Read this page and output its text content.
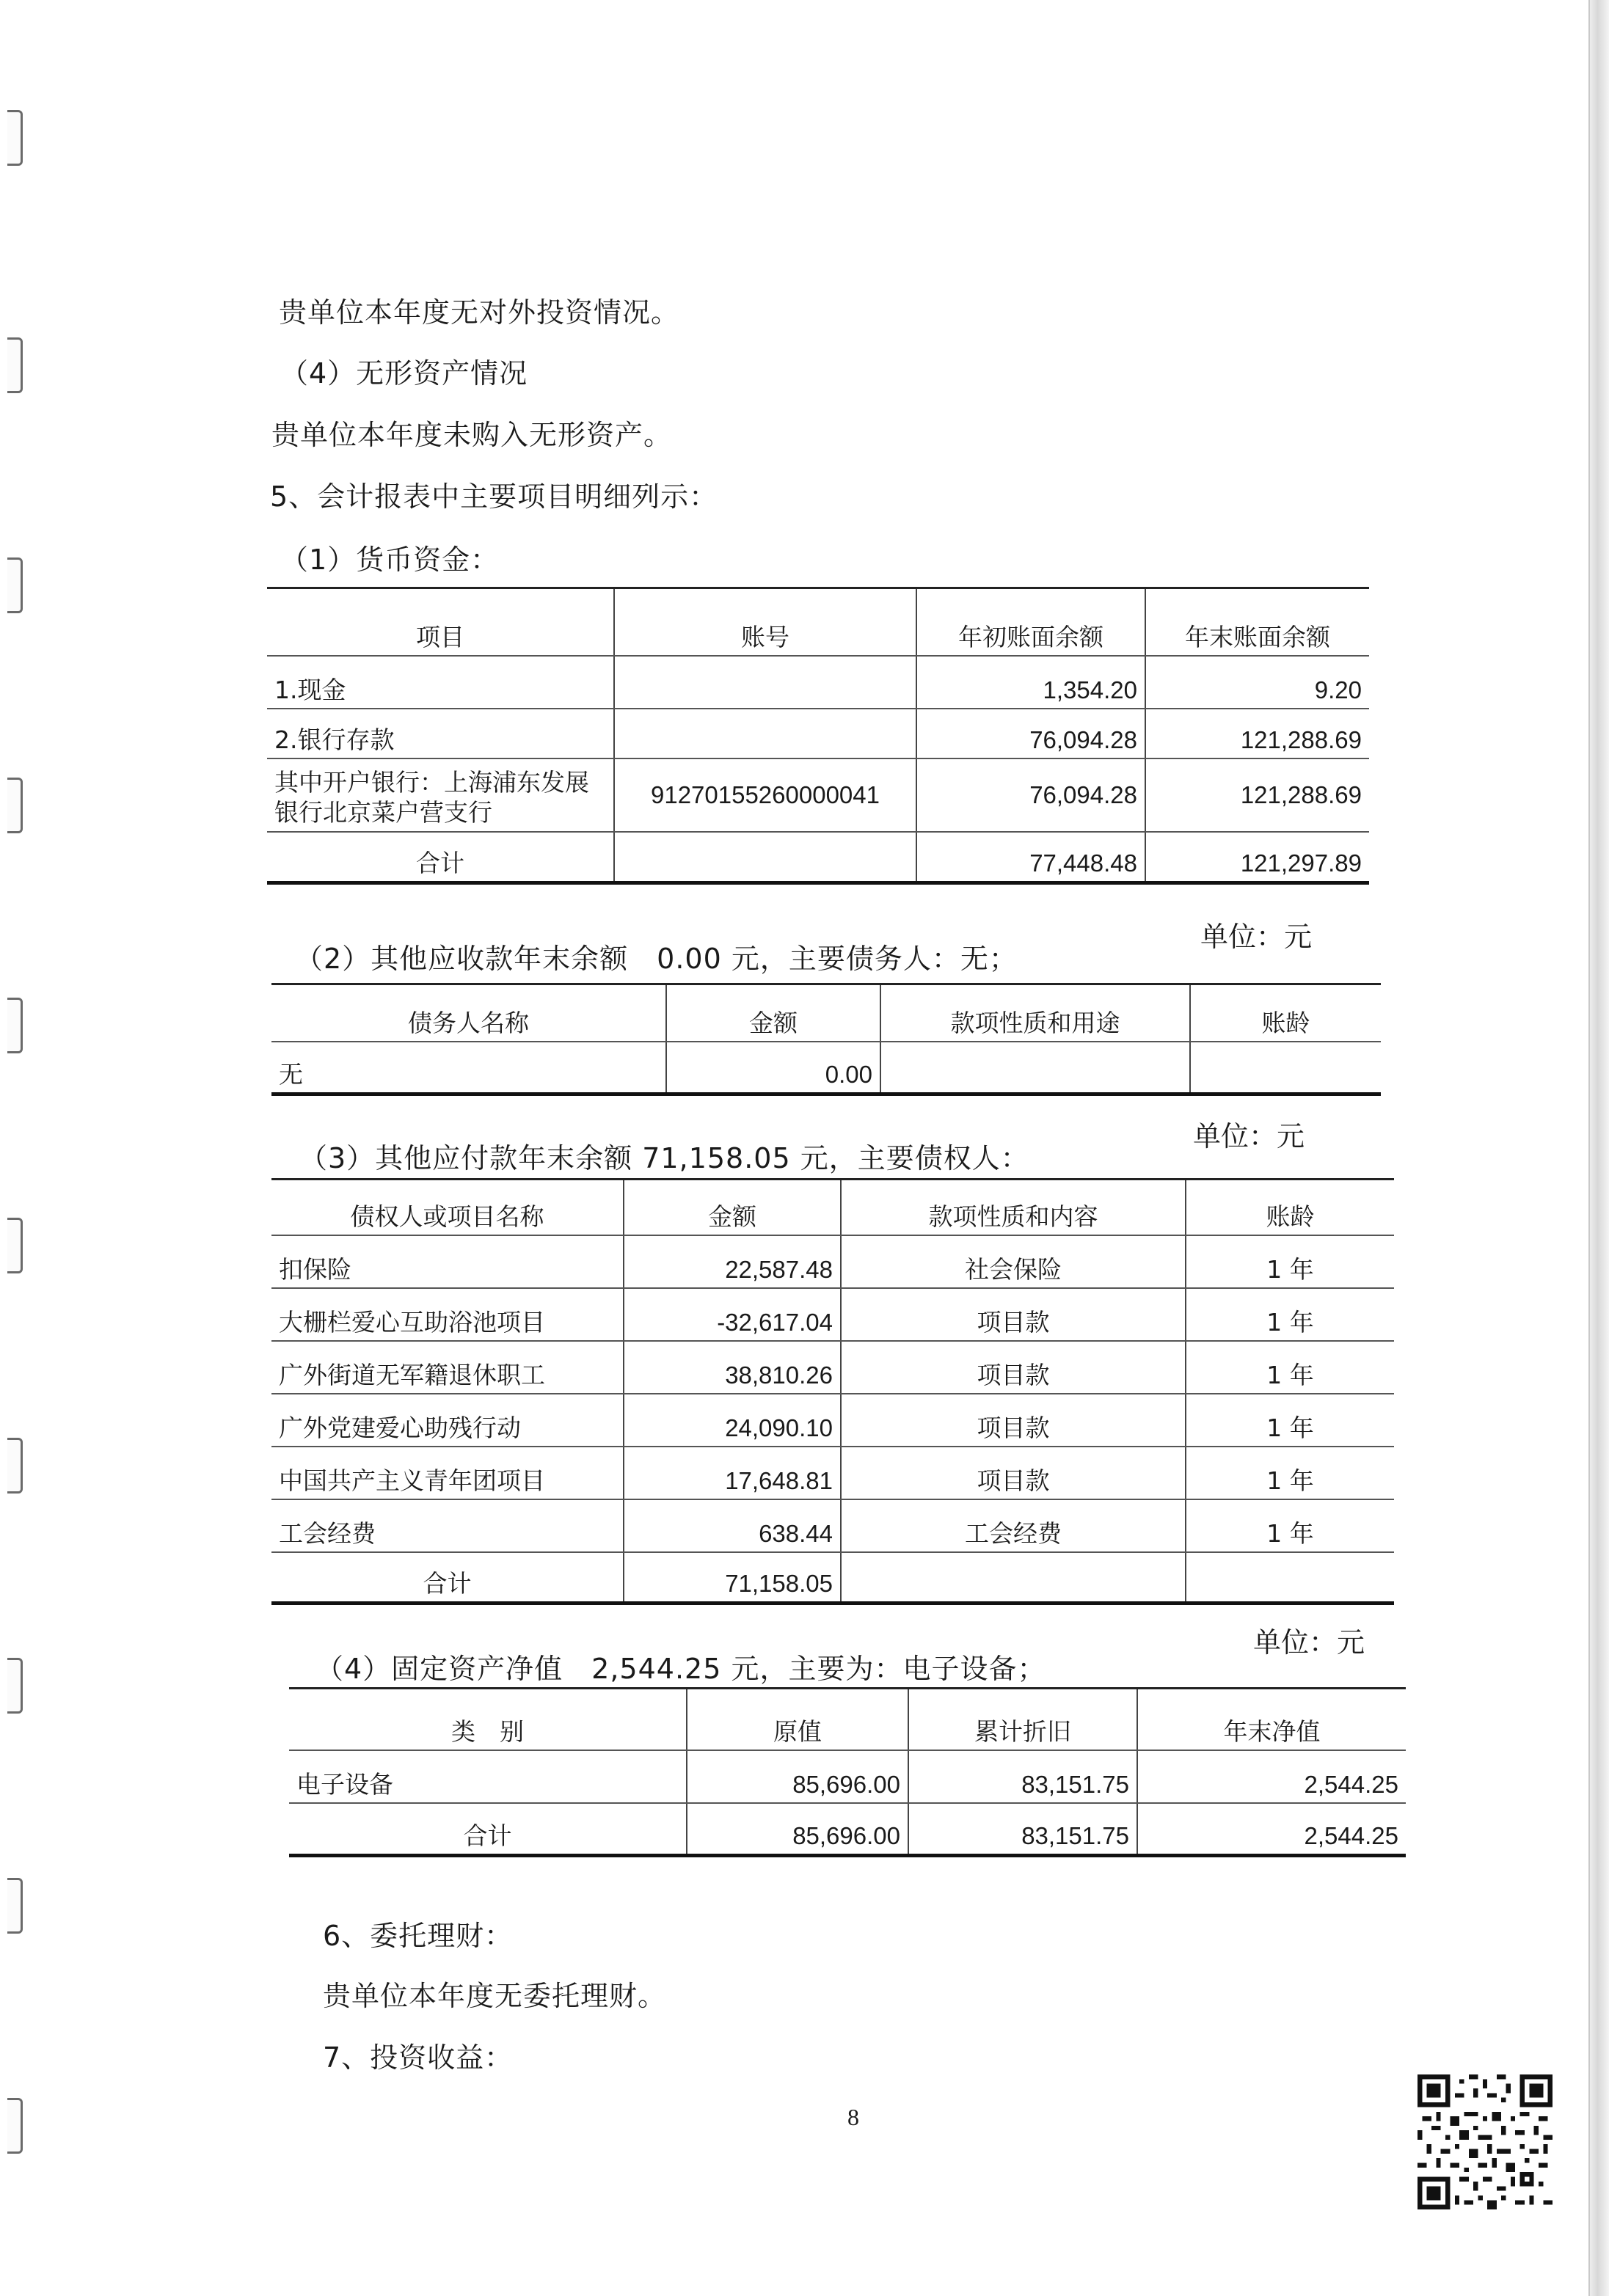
贵单位本年度无对外投资情况。
（4）无形资产情况
贵单位本年度未购入无形资产。
5、会计报表中主要项目明细列示：
（1）货币资金：
项目	账号	年初账面余额	年末账面余额
1.现金		1,354.20	9.20
2.银行存款		76,094.28	121,288.69
其中开户银行：上海浦东发展银行北京菜户营支行	91270155260000041	76,094.28	121,288.69
合计		77,448.48	121,297.89
（2）其他应收款年末余额　0.00 元，主要债务人：无；
单位：元
债务人名称	金额	款项性质和用途	账龄
无	0.00		
（3）其他应付款年末余额 71,158.05 元，主要债权人：
单位：元
债权人或项目名称	金额	款项性质和内容	账龄
扣保险	22,587.48	社会保险	1 年
大栅栏爱心互助浴池项目	-32,617.04	项目款	1 年
广外街道无军籍退休职工	38,810.26	项目款	1 年
广外党建爱心助残行动	24,090.10	项目款	1 年
中国共产主义青年团项目	17,648.81	项目款	1 年
工会经费	638.44	工会经费	1 年
合计	71,158.05		
（4）固定资产净值　2,544.25 元，主要为：电子设备；
单位：元
类　别	原值	累计折旧	年末净值
电子设备	85,696.00	83,151.75	2,544.25
合计	85,696.00	83,151.75	2,544.25
6、委托理财：
贵单位本年度无委托理财。
7、投资收益：
8
